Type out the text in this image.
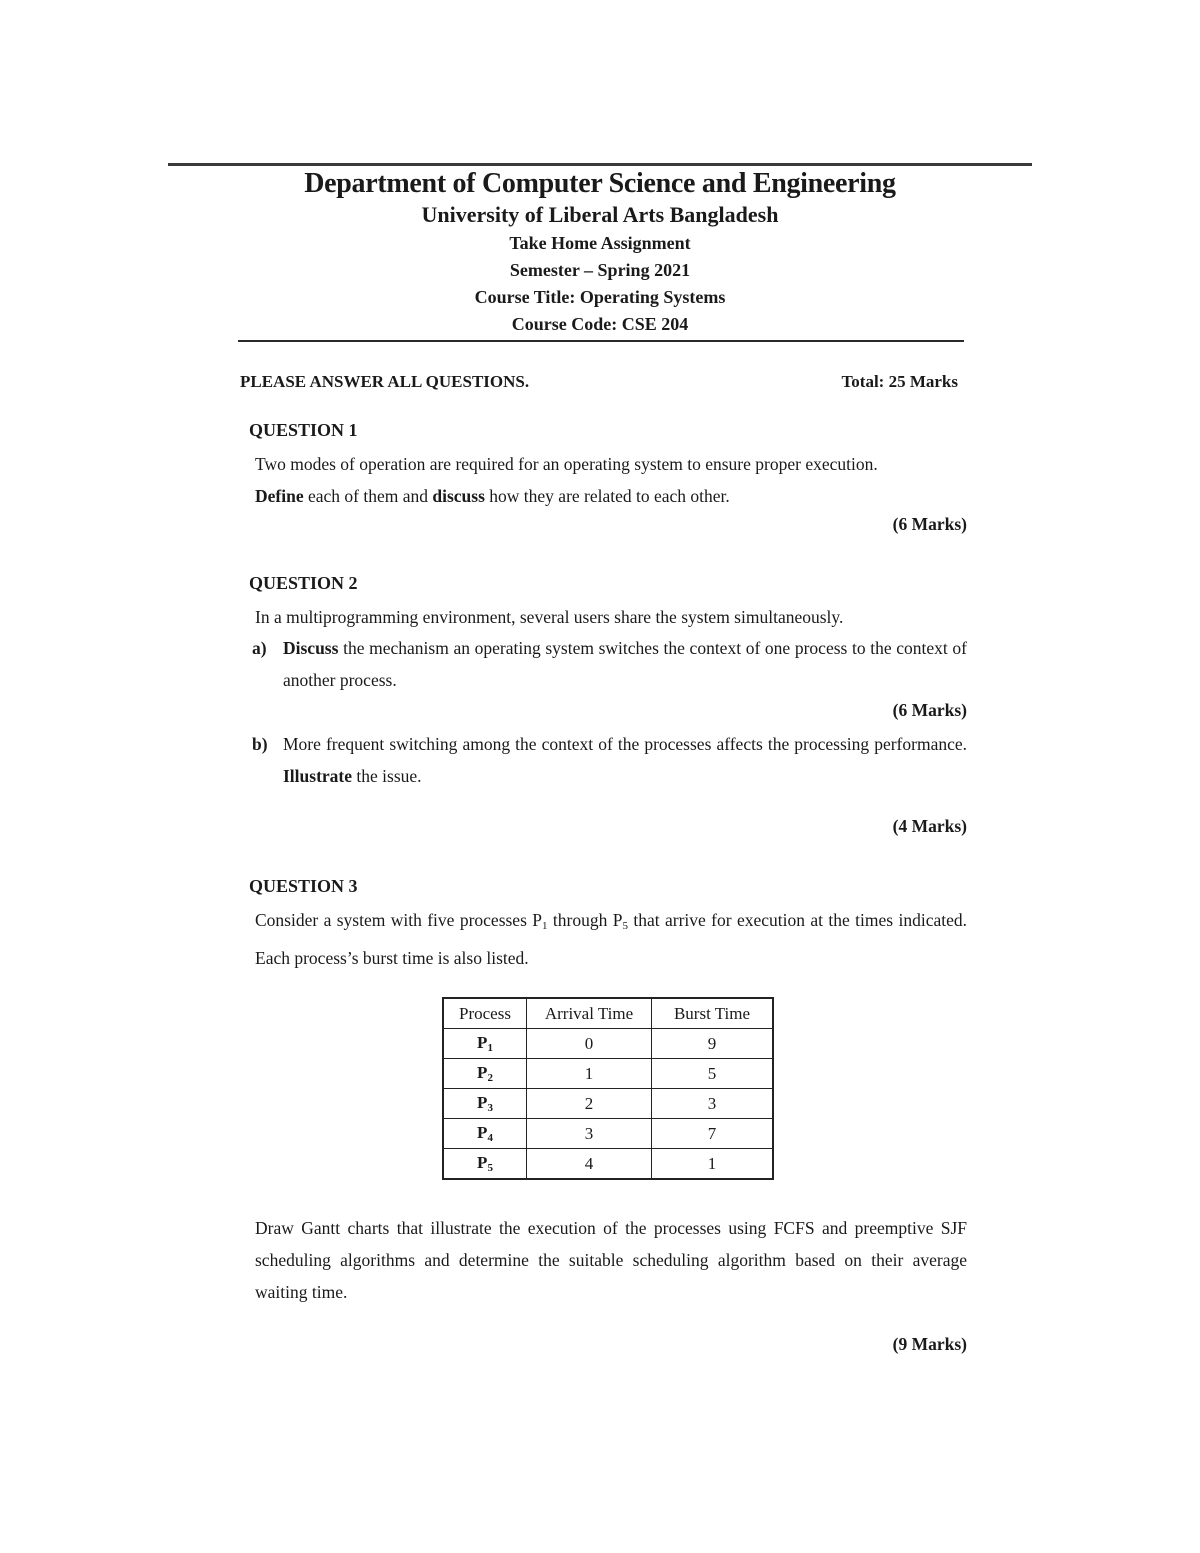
Department of Computer Science and Engineering
University of Liberal Arts Bangladesh
Take Home Assignment
Semester – Spring 2021
Course Title: Operating Systems
Course Code: CSE 204
PLEASE ANSWER ALL QUESTIONS.	Total: 25 Marks
QUESTION 1
Two modes of operation are required for an operating system to ensure proper execution.
Define each of them and discuss how they are related to each other.
(6 Marks)
QUESTION 2
In a multiprogramming environment, several users share the system simultaneously.
a) Discuss the mechanism an operating system switches the context of one process to the context of another process.
(6 Marks)
b) More frequent switching among the context of the processes affects the processing performance. Illustrate the issue.
(4 Marks)
QUESTION 3
Consider a system with five processes $P_1$ through $P_5$ that arrive for execution at the times indicated. Each process’s burst time is also listed.
Process	Arrival Time	Burst Time
$P_1$	0	9
$P_2$	1	5
$P_3$	2	3
$P_4$	3	7
$P_5$	4	1
Draw Gantt charts that illustrate the execution of the processes using FCFS and preemptive SJF scheduling algorithms and determine the suitable scheduling algorithm based on their average waiting time.
(9 Marks)
